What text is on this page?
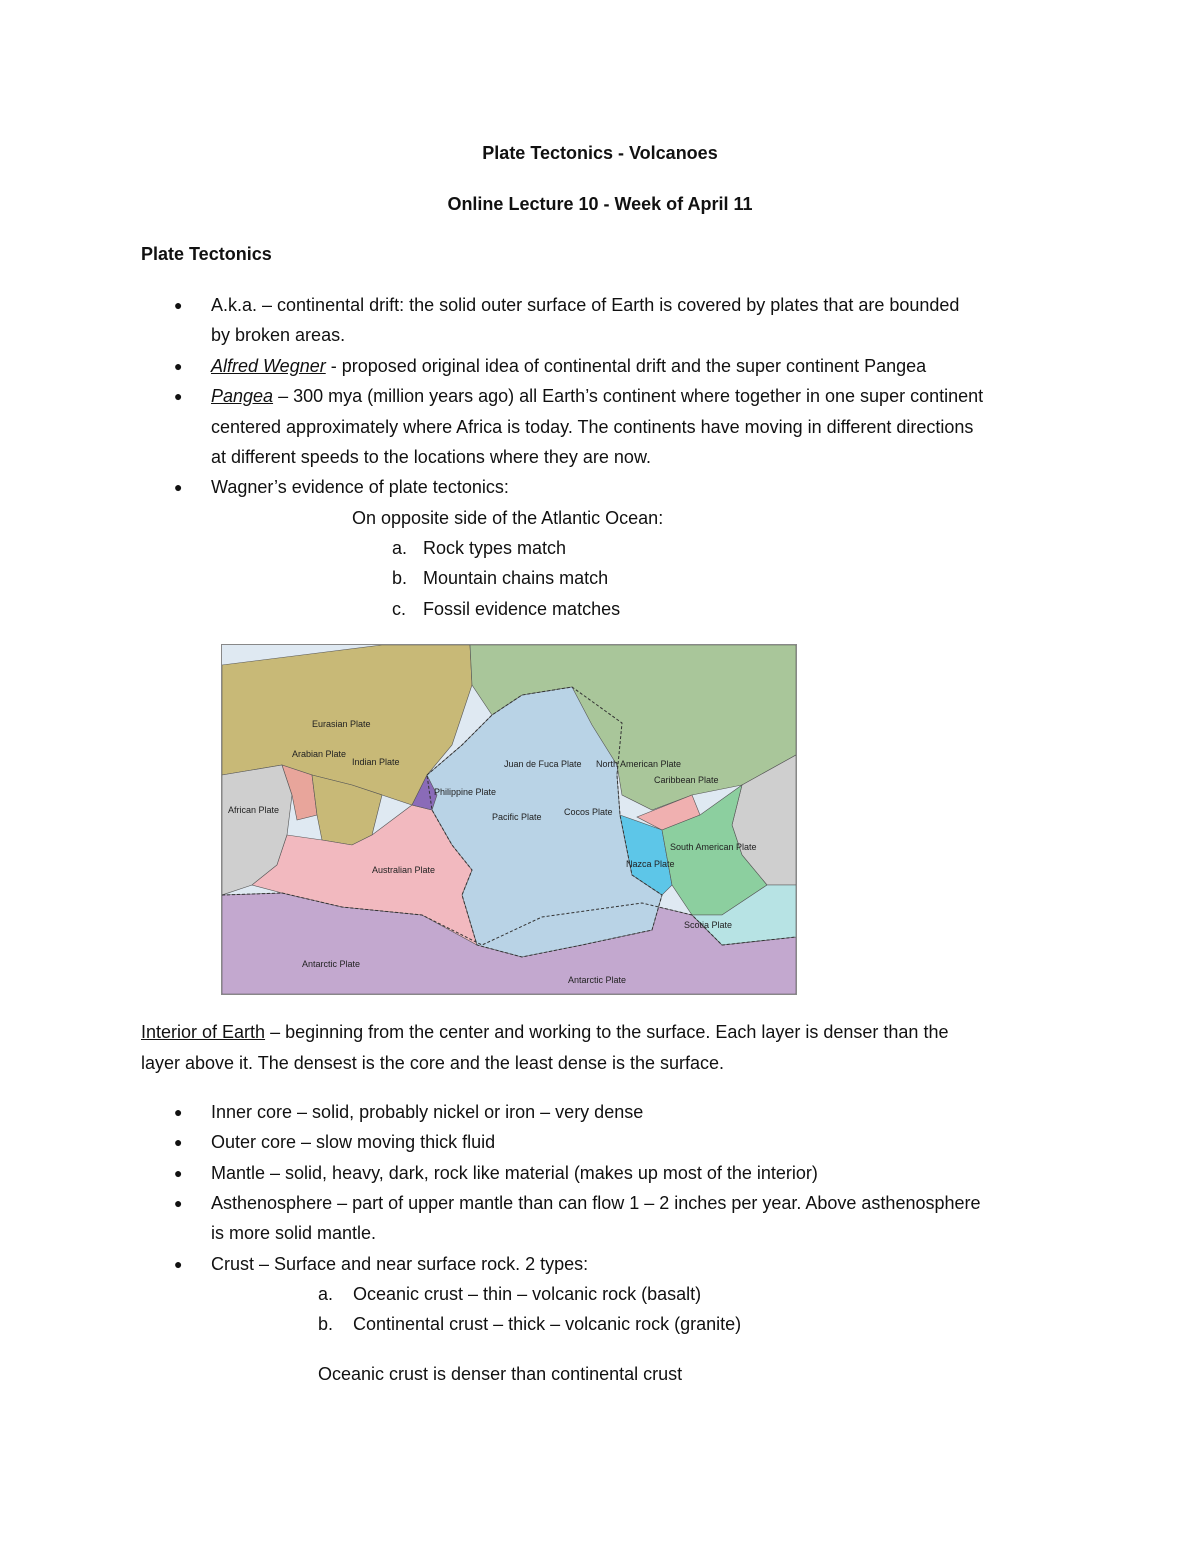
Plate Tectonics - Volcanoes
Online Lecture 10 - Week of April 11
Plate Tectonics
● A.k.a. – continental drift: the solid outer surface of Earth is covered by plates that are bounded
by broken areas.
● Alfred Wegner - proposed original idea of continental drift and the super continent Pangea
● Pangea – 300 mya (million years ago) all Earth’s continent where together in one super continent
centered approximately where Africa is today. The continents have moving in different directions
at different speeds to the locations where they are now.
● Wagner’s evidence of plate tectonics:
On opposite side of the Atlantic Ocean:
a. Rock types match
b. Mountain chains match
c. Fossil evidence matches
Eurasian Plate
Arabian Plate
Indian Plate
African Plate
Philippine Plate
Juan de Fuca Plate
Pacific Plate Cocos Plate
North American Plate
Caribbean Plate
Australian Plate
Nazca Plate
South American Plate
Scotia Plate
Antarctic Plate
Antarctic Plate
Interior of Earth – beginning from the center and working to the surface. Each layer is denser than the
layer above it. The densest is the core and the least dense is the surface.
● Inner core – solid, probably nickel or iron – very dense
● Outer core – slow moving thick fluid
● Mantle – solid, heavy, dark, rock like material (makes up most of the interior)
● Asthenosphere – part of upper mantle than can flow 1 – 2 inches per year. Above asthenosphere
is more solid mantle.
● Crust – Surface and near surface rock. 2 types:
a. Oceanic crust – thin – volcanic rock (basalt)
b. Continental crust – thick – volcanic rock (granite)
Oceanic crust is denser than continental crust
